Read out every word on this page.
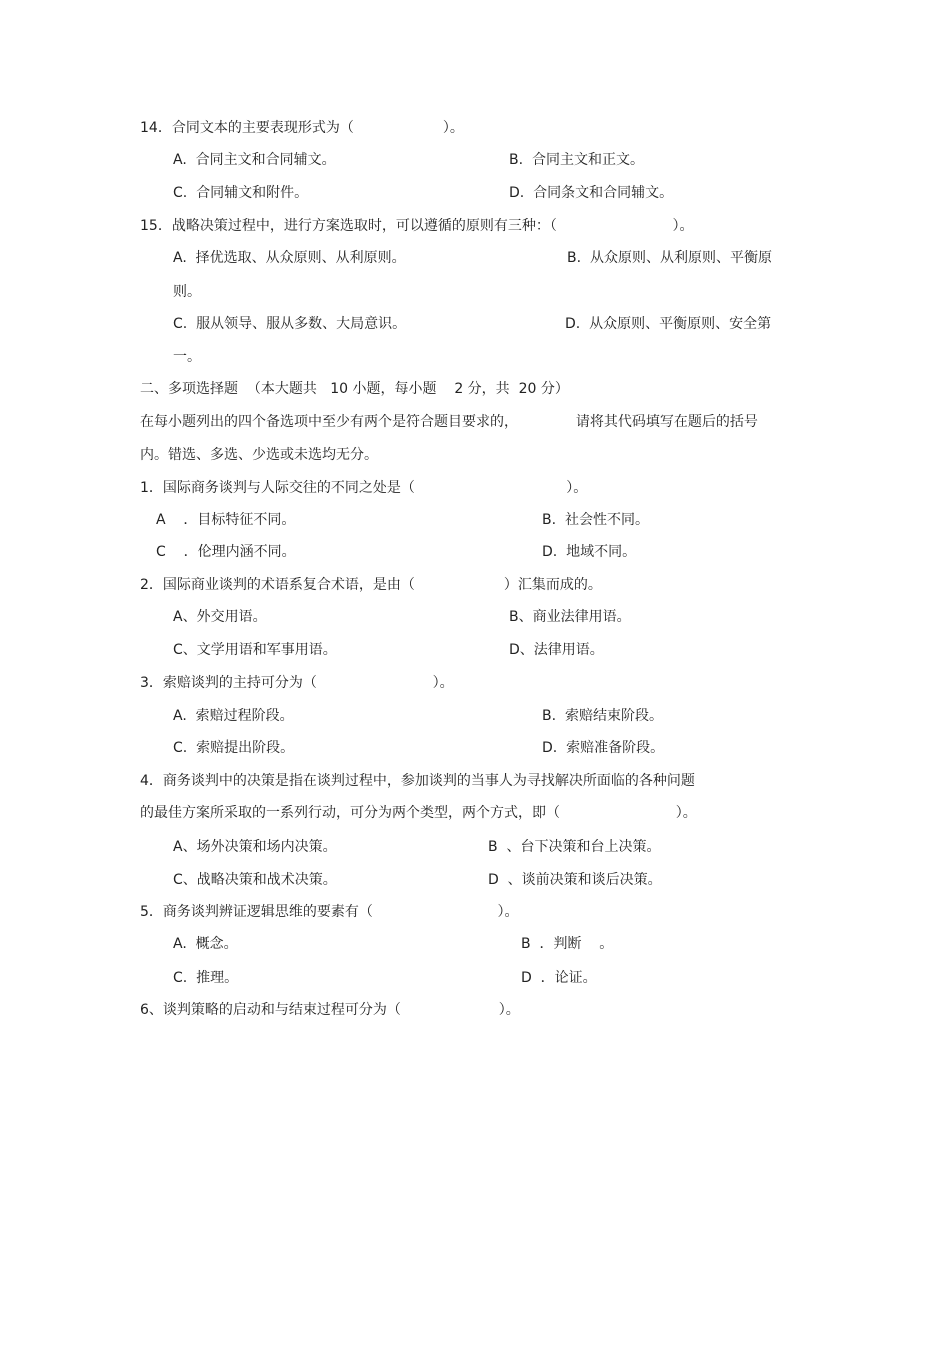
14．合同文本的主要表现形式为（                    ）。
A.  合同主文和合同辅文。	B.  合同主文和正文。
C.  合同辅文和附件。	D.  合同条文和合同辅文。
15．战略决策过程中，进行方案选取时，可以遵循的原则有三种：（                          ）。
A.  择优选取、从众原则、从利原则。	B.  从众原则、从利原则、平衡原
则。
C.  服从领导、服从多数、大局意识。	D.  从众原则、平衡原则、安全第
一。
二、多项选择题  （本大题共   10 小题，每小题    2 分，共  20 分）
在每小题列出的四个备选项中至少有两个是符合题目要求的，             请将其代码填写在题后的括号
内。错选、多选、少选或未选均无分。
1．国际商务谈判与人际交往的不同之处是（                                  ）。
A    ．目标特征不同。	B.  社会性不同。
C    ．伦理内涵不同。	D.  地域不同。
2．国际商业谈判的术语系复合术语，是由（                    ）汇集而成的。
A、外交用语。	B、商业法律用语。
C、文学用语和军事用语。	D、法律用语。
3．索赔谈判的主持可分为（                          ）。
A.  索赔过程阶段。	B.  索赔结束阶段。
C.  索赔提出阶段。	D.  索赔准备阶段。
4．商务谈判中的决策是指在谈判过程中，参加谈判的当事人为寻找解决所面临的各种问题
的最佳方案所采取的一系列行动，可分为两个类型，两个方式，即（                          ）。
A、场外决策和场内决策。	B  、台下决策和台上决策。
C、战略决策和战术决策。	D  、谈前决策和谈后决策。
5．商务谈判辨证逻辑思维的要素有（                            ）。
A.  概念。	B  ．判断    。
C.  推理。	D  ．论证。
6、谈判策略的启动和与结束过程可分为（                      ）。
